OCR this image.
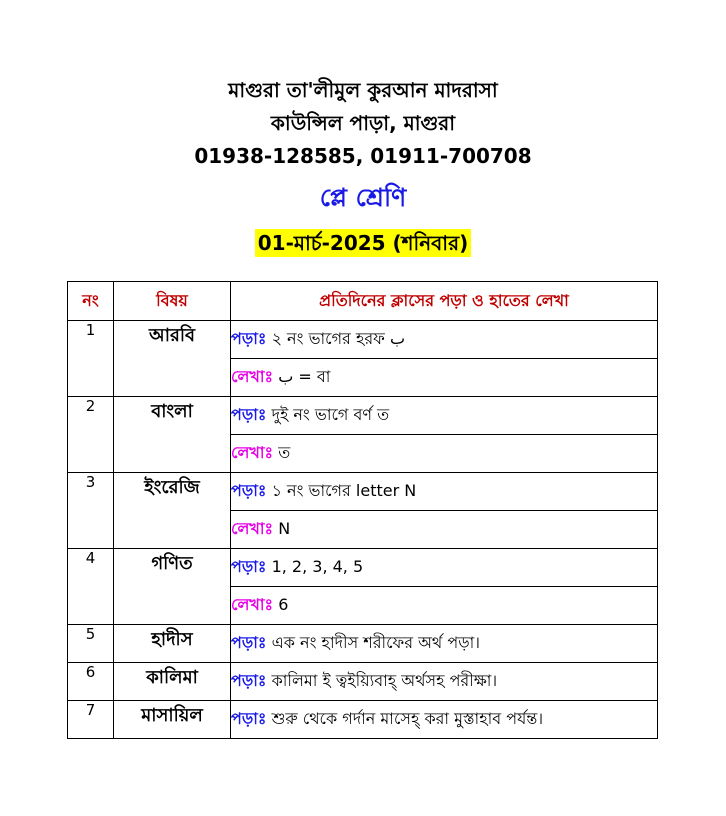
মাগুরা তা'লীমুল কুরআন মাদরাসা
কাউন্সিল পাড়া, মাগুরা
01938-128585, 01911-700708
প্লে শ্রেণি
01-মার্চ-2025 (শনিবার)
নং	বিষয়	প্রতিদিনের ক্লাসের পড়া ও হাতের লেখা
1	আরবি	পড়াঃ ২ নং ভাগের হরফ ب
		লেখাঃ ب = বা
2	বাংলা	পড়াঃ দুই নং ভাগে বর্ণ ত
		লেখাঃ ত
3	ইংরেজি	পড়াঃ ১ নং ভাগের letter N
		লেখাঃ N
4	গণিত	পড়াঃ 1, 2, 3, 4, 5
		লেখাঃ 6
5	হাদীস	পড়াঃ এক নং হাদীস শরীফের অর্থ পড়া।
6	কালিমা	পড়াঃ কালিমা ই ত্বইয়্যিবাহ্ অর্থসহ পরীক্ষা।
7	মাসায়িল	পড়াঃ শুরু থেকে গর্দান মাসেহ্ করা মুস্তাহাব পর্যন্ত।
